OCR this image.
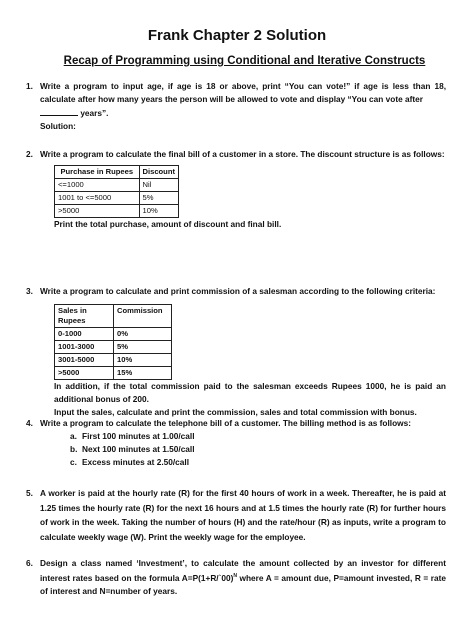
Frank Chapter 2 Solution
Recap of Programming using Conditional and Iterative Constructs
1. Write a program to input age, if age is 18 or above, print “You can vote!” if age is less than 18, calculate after how many years the person will be allowed to vote and display “You can vote after
years”.
Solution:
2. Write a program to calculate the final bill of a customer in a store. The discount structure is as follows:
Purchase in Rupees	Discount
<=1000	Nil
1001 to <=5000	5%
>5000	10%
Print the total purchase, amount of discount and final bill.
3. Write a program to calculate and print commission of a salesman according to the following criteria:
Sales in Rupees	Commission
0-1000	0%
1001-3000	5%
3001-5000	10%
>5000	15%
In addition, if the total commission paid to the salesman exceeds Rupees 1000, he is paid an additional bonus of 200.
Input the sales, calculate and print the commission, sales and total commission with bonus.
4. Write a program to calculate the telephone bill of a customer. The billing method is as follows:
a. First 100 minutes at 1.00/call
b. Next 100 minutes at 1.50/call
c. Excess minutes at 2.50/call
5. A worker is paid at the hourly rate (R) for the first 40 hours of work in a week. Thereafter, he is paid at 1.25 times the hourly rate (R) for the next 16 hours and at 1.5 times the hourly rate (R) for further hours of work in the week. Taking the number of hours (H) and the rate/hour (R) as inputs, write a program to calculate weekly wage (W). Print the weekly wage for the employee.
6. Design a class named ‘Investment’, to calculate the amount collected by an investor for different interest rates based on the formula A=P(1+R/`00)$^N$ where A = amount due, P=amount invested, R = rate of interest and N=number of years.
